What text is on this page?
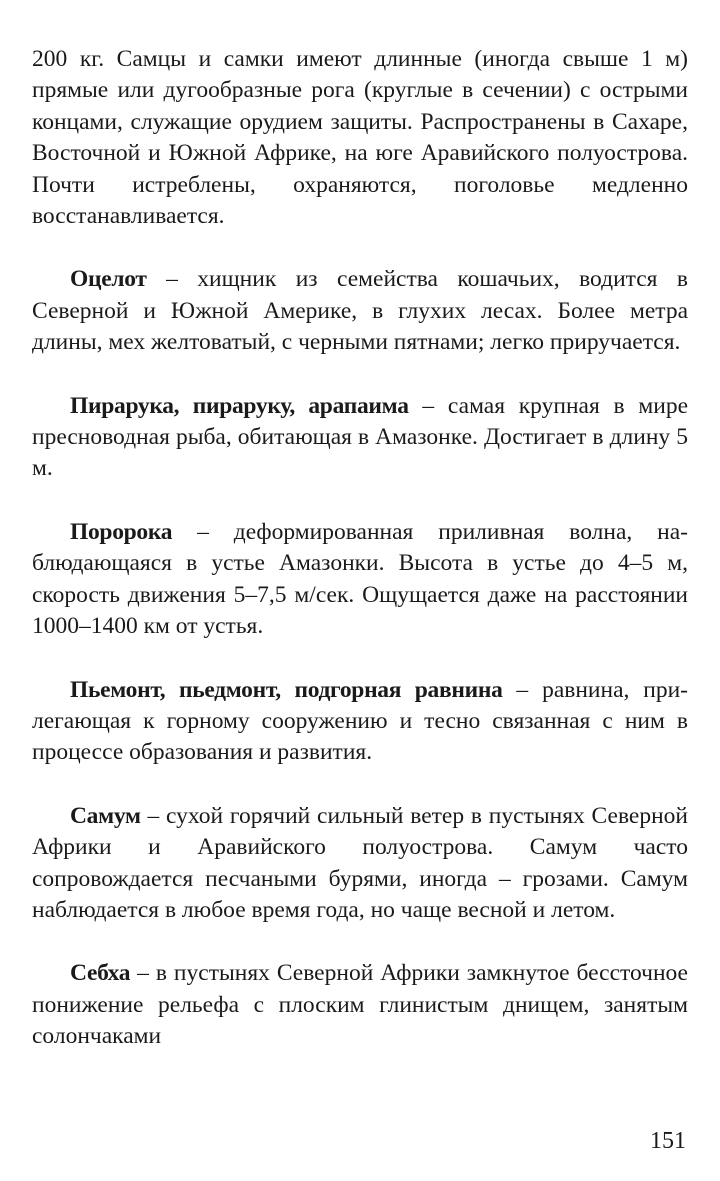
200 кг. Самцы и самки имеют длинные (иногда свыше 1 м) прямые или дугообразные рога (круглые в сечении) с острыми концами, служащие орудием защиты. Распространены в Сахаре, Восточной и Южной Африке, на юге Аравийского полуострова. Почти истреблены, охраняются, поголовье медленно восстанавливается.

Оцелот – хищник из семейства кошачьих, водится в Северной и Южной Америке, в глухих лесах. Более метра длины, мех желтоватый, с черными пятнами; легко приручается.

Пирарука, пираруку, арапаима – самая крупная в мире пресноводная рыба, обитающая в Амазонке. Достигает в длину 5 м.

Поророка – деформированная приливная волна, наблюдающаяся в устье Амазонки. Высота в устье до 4–5 м, скорость движения 5–7,5 м/сек. Ощущается даже на расстоянии 1000–1400 км от устья.

Пьемонт, пьедмонт, подгорная равнина – равнина, прилегающая к горному сооружению и тесно связанная с ним в процессе образования и развития.

Самум – сухой горячий сильный ветер в пустынях Северной Африки и Аравийского полуострова. Самум часто сопровождается песчаными бурями, иногда – грозами. Самум наблюдается в любое время года, но чаще весной и летом.

Себха – в пустынях Северной Африки замкнутое бессточное понижение рельефа с плоским глинистым днищем, занятым солончаками

151
